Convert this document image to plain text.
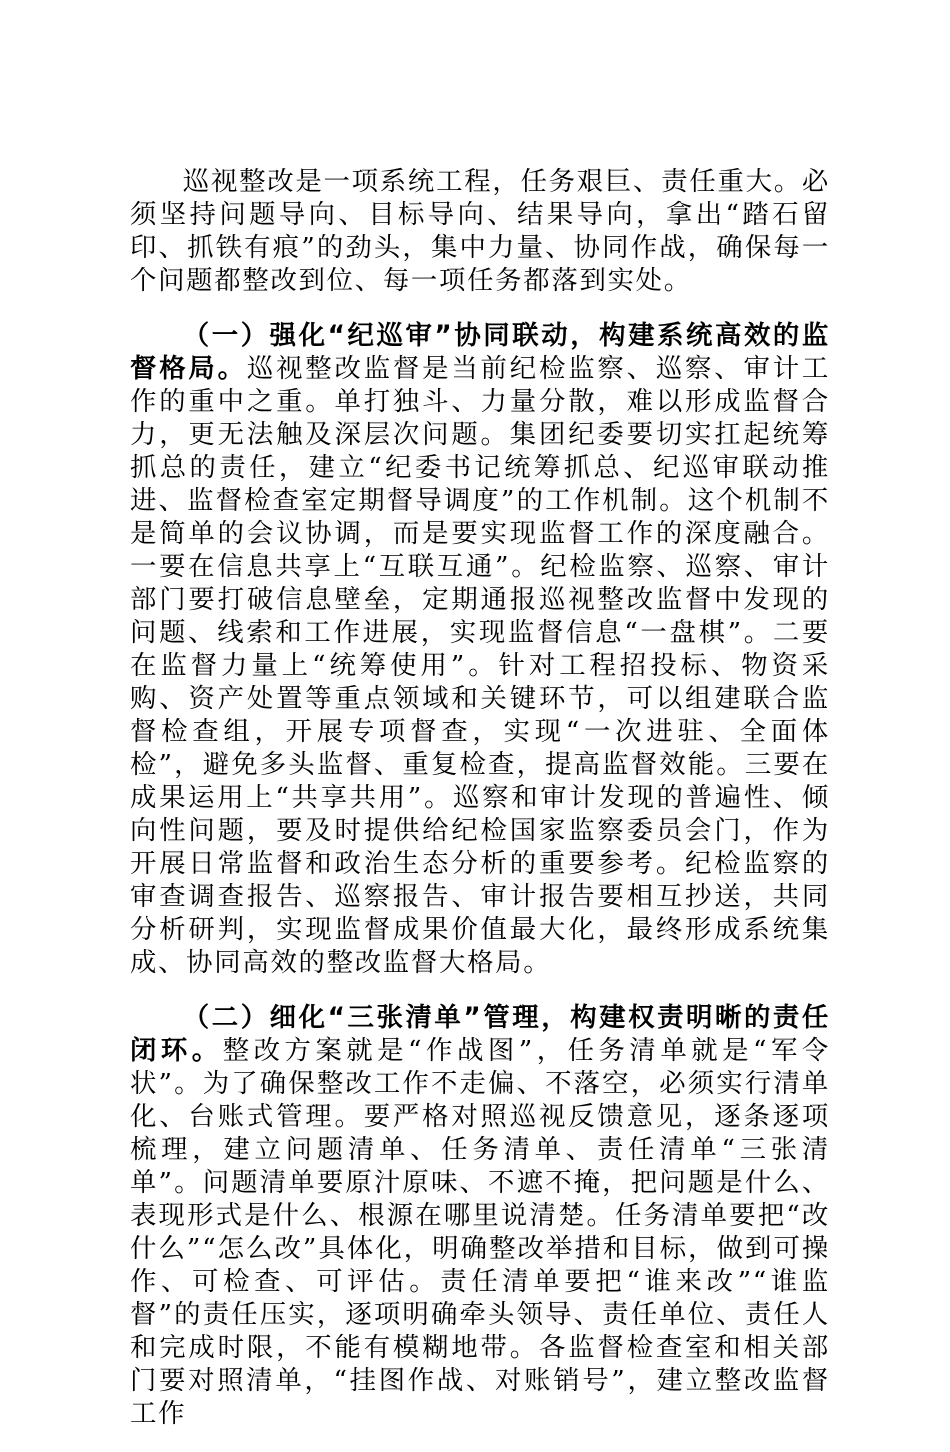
巡视整改是一项系统工程，任务艰巨、责任重大。必须坚持问题导向、目标导向、结果导向，拿出“踏石留印、抓铁有痕”的劲头，集中力量、协同作战，确保每一个问题都整改到位、每一项任务都落到实处。

（一）强化“纪巡审”协同联动，构建系统高效的监督格局。巡视整改监督是当前纪检监察、巡察、审计工作的重中之重。单打独斗、力量分散，难以形成监督合力，更无法触及深层次问题。集团纪委要切实扛起统筹抓总的责任，建立“纪委书记统筹抓总、纪巡审联动推进、监督检查室定期督导调度”的工作机制。这个机制不是简单的会议协调，而是要实现监督工作的深度融合。一要在信息共享上“互联互通”。纪检监察、巡察、审计部门要打破信息壁垒，定期通报巡视整改监督中发现的问题、线索和工作进展，实现监督信息“一盘棋”。二要在监督力量上“统筹使用”。针对工程招投标、物资采购、资产处置等重点领域和关键环节，可以组建联合监督检查组，开展专项督查，实现“一次进驻、全面体检”，避免多头监督、重复检查，提高监督效能。三要在成果运用上“共享共用”。巡察和审计发现的普遍性、倾向性问题，要及时提供给纪检国家监察委员会门，作为开展日常监督和政治生态分析的重要参考。纪检监察的审查调查报告、巡察报告、审计报告要相互抄送，共同分析研判，实现监督成果价值最大化，最终形成系统集成、协同高效的整改监督大格局。

（二）细化“三张清单”管理，构建权责明晰的责任闭环。整改方案就是“作战图”，任务清单就是“军令状”。为了确保整改工作不走偏、不落空，必须实行清单化、台账式管理。要严格对照巡视反馈意见，逐条逐项梳理，建立问题清单、任务清单、责任清单“三张清单”。问题清单要原汁原味、不遮不掩，把问题是什么、表现形式是什么、根源在哪里说清楚。任务清单要把“改什么”“怎么改”具体化，明确整改举措和目标，做到可操作、可检查、可评估。责任清单要把“谁来改”“谁监督”的责任压实，逐项明确牵头领导、责任单位、责任人和完成时限，不能有模糊地带。各监督检查室和相关部门要对照清单，“挂图作战、对账销号”，建立整改监督工作
